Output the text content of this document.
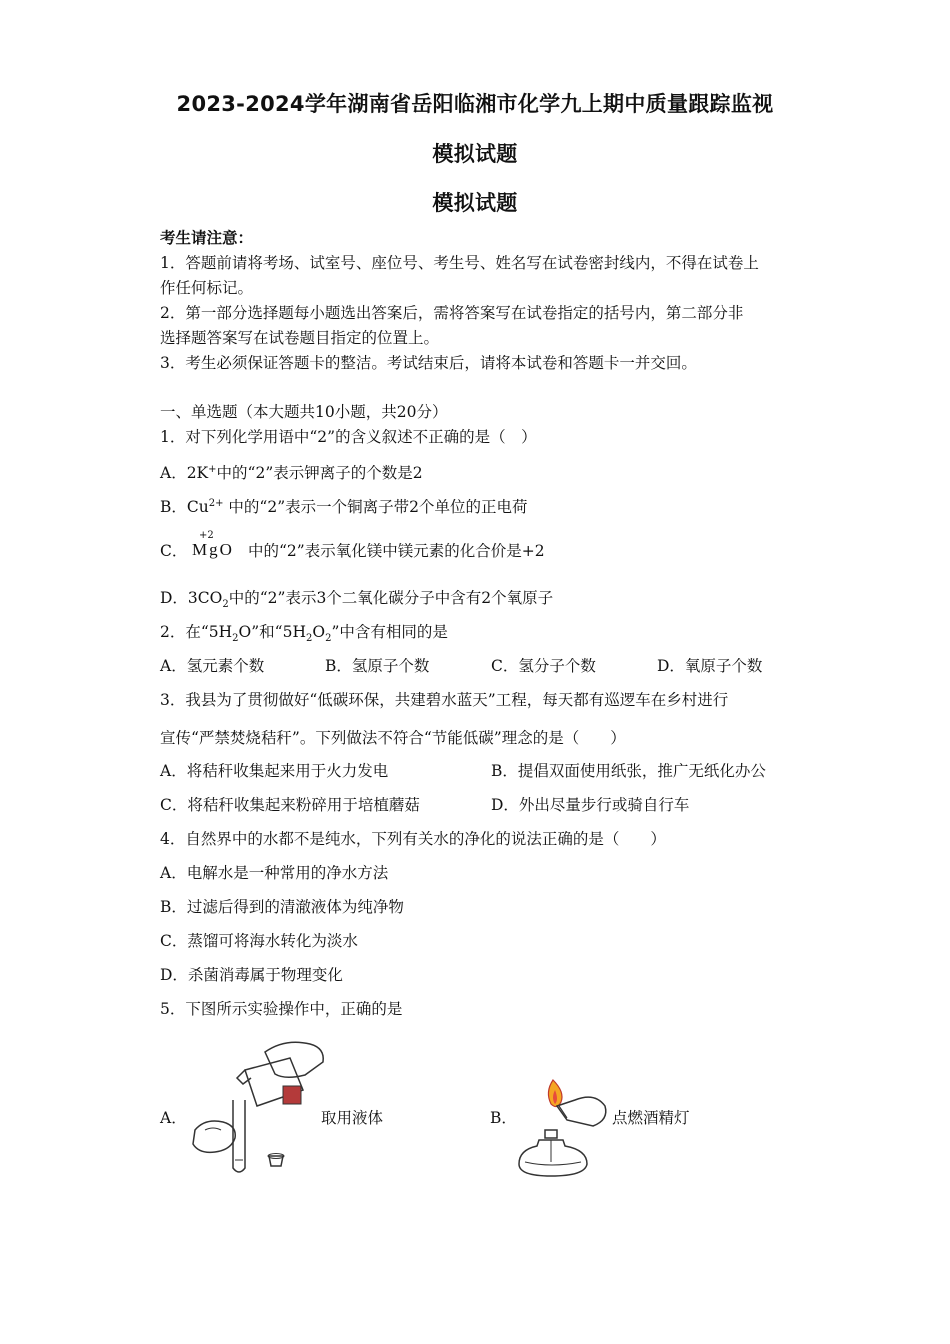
2023-2024学年湖南省岳阳临湘市化学九上期中质量跟踪监视
模拟试题
模拟试题
考生请注意：
1．答题前请将考场、试室号、座位号、考生号、姓名写在试卷密封线内，不得在试卷上
作任何标记。
2．第一部分选择题每小题选出答案后，需将答案写在试卷指定的括号内，第二部分非
选择题答案写在试卷题目指定的位置上。
3．考生必须保证答题卡的整洁。考试结束后，请将本试卷和答题卡一并交回。
一、单选题（本大题共10小题，共20分）
1．对下列化学用语中“2”的含义叙述不正确的是（　）
A．2K+中的“2”表示钾离子的个数是2
B．$Cu^{2+}$ 中的“2”表示一个铜离子带2个单位的正电荷
C．
+2
MgO 中的“2”表示氧化镁中镁元素的化合价是+2
D．$3CO_2$中的“2”表示3个二氧化碳分子中含有2个氧原子
2．在“$5H_2O$”和“$5H_2O_2$”中含有相同的是
A．氢元素个数	B．氢原子个数	C．氢分子个数	D．氧原子个数
3．我县为了贯彻做好“低碳环保，共建碧水蓝天”工程，每天都有巡逻车在乡村进行
宣传“严禁焚烧秸秆”。下列做法不符合“节能低碳”理念的是（　　）
A．将秸秆收集起来用于火力发电	B．提倡双面使用纸张，推广无纸化办公
C．将秸秆收集起来粉碎用于培植蘑菇	D．外出尽量步行或骑自行车
4．自然界中的水都不是纯水，下列有关水的净化的说法正确的是（　　）
A．电解水是一种常用的净水方法
B．过滤后得到的清澈液体为纯净物
C．蒸馏可将海水转化为淡水
D．杀菌消毒属于物理变化
5．下图所示实验操作中，正确的是
A．	取用液体	B．	点燃酒精灯
